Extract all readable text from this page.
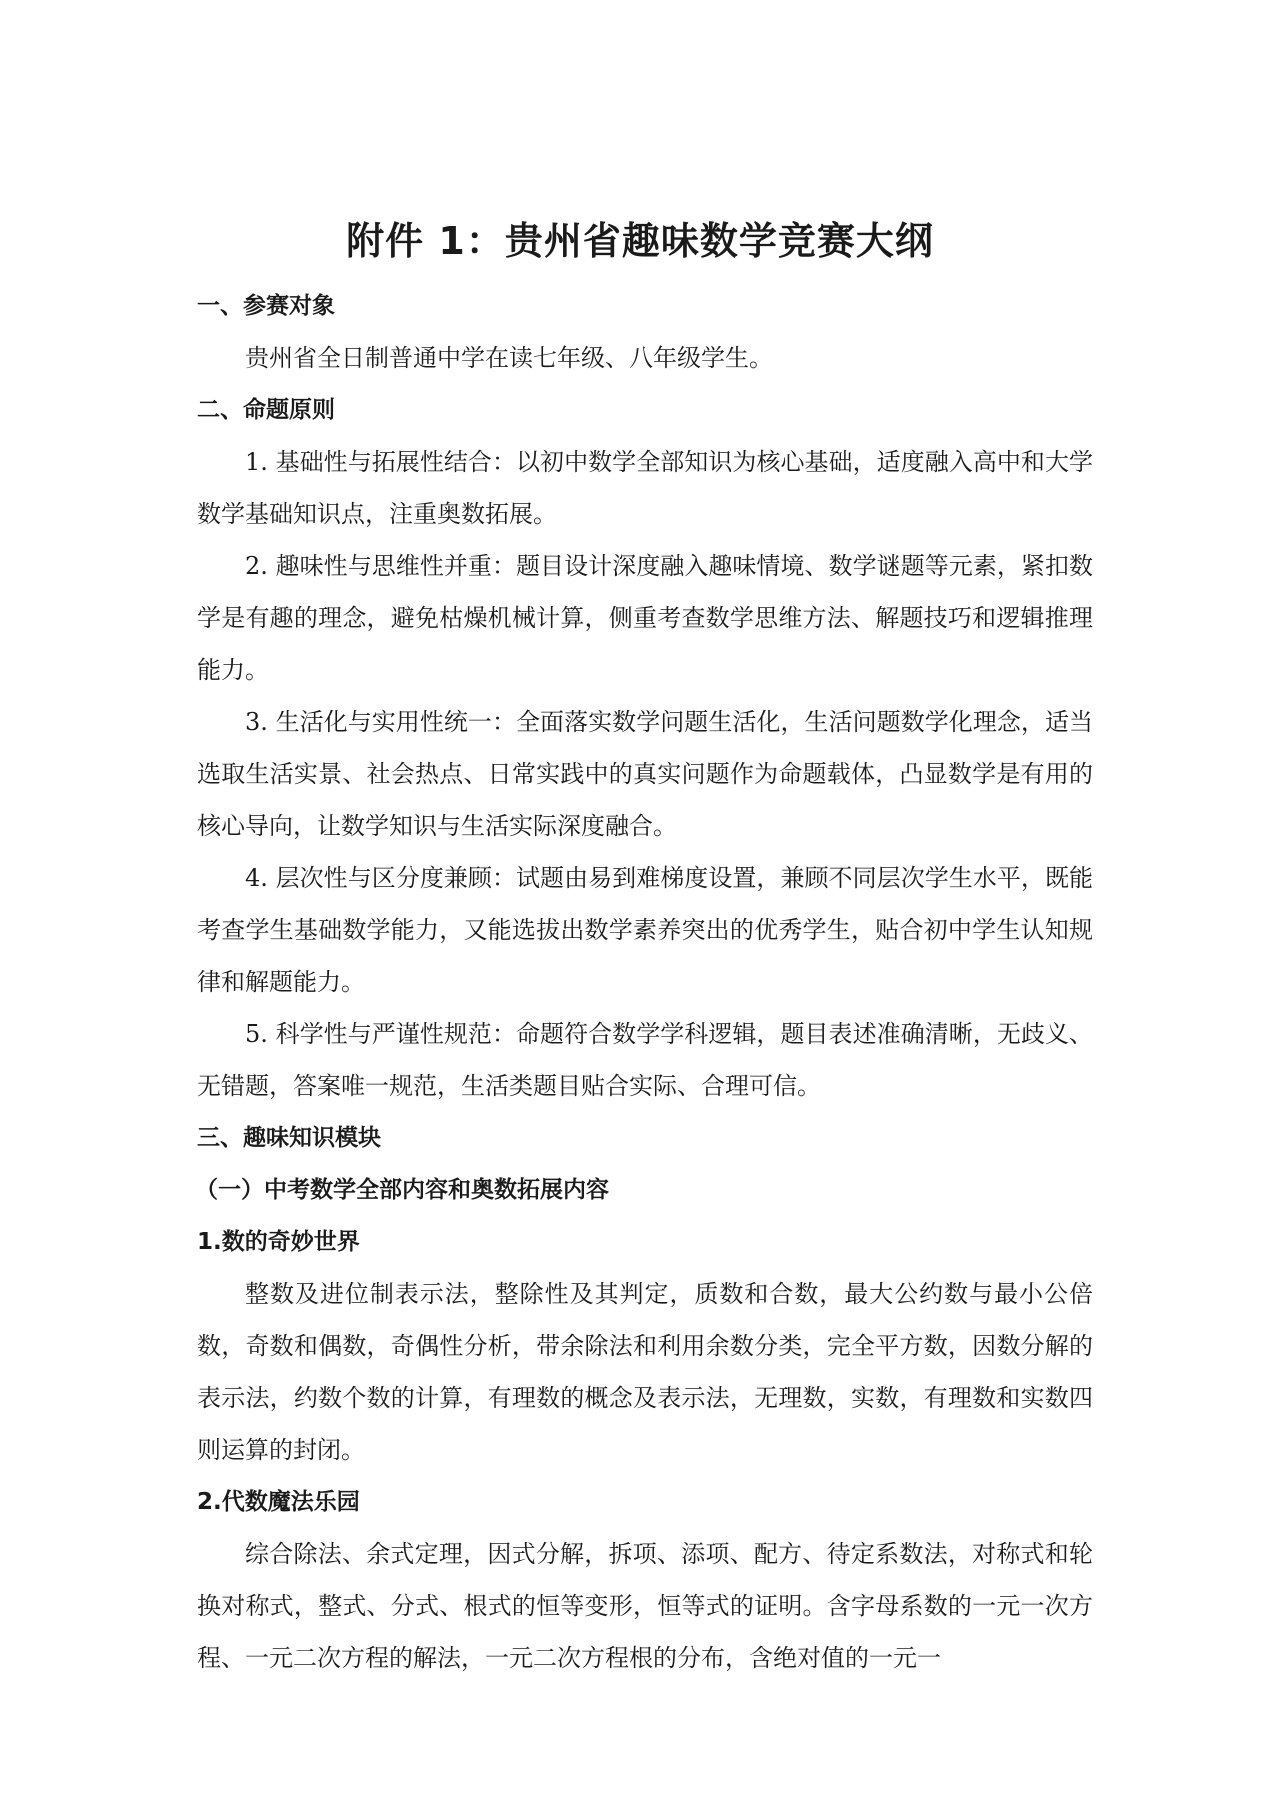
附件 1：贵州省趣味数学竞赛大纲
一、参赛对象

贵州省全日制普通中学在读七年级、八年级学生。

二、命题原则

1. 基础性与拓展性结合：以初中数学全部知识为核心基础，适度融入高中和大学数学基础知识点，注重奥数拓展。

2. 趣味性与思维性并重：题目设计深度融入趣味情境、数学谜题等元素，紧扣数学是有趣的理念，避免枯燥机械计算，侧重考查数学思维方法、解题技巧和逻辑推理能力。

3. 生活化与实用性统一：全面落实数学问题生活化，生活问题数学化理念，适当选取生活实景、社会热点、日常实践中的真实问题作为命题载体，凸显数学是有用的核心导向，让数学知识与生活实际深度融合。

4. 层次性与区分度兼顾：试题由易到难梯度设置，兼顾不同层次学生水平，既能考查学生基础数学能力，又能选拔出数学素养突出的优秀学生，贴合初中学生认知规律和解题能力。

5. 科学性与严谨性规范：命题符合数学学科逻辑，题目表述准确清晰，无歧义、无错题，答案唯一规范，生活类题目贴合实际、合理可信。

三、趣味知识模块
（一）中考数学全部内容和奥数拓展内容
1.数的奇妙世界

整数及进位制表示法，整除性及其判定，质数和合数，最大公约数与最小公倍数，奇数和偶数，奇偶性分析，带余除法和利用余数分类，完全平方数，因数分解的表示法，约数个数的计算，有理数的概念及表示法，无理数，实数，有理数和实数四则运算的封闭。

2.代数魔法乐园

综合除法、余式定理，因式分解，拆项、添项、配方、待定系数法，对称式和轮换对称式，整式、分式、根式的恒等变形，恒等式的证明。含字母系数的一元一次方程、一元二次方程的解法，一元二次方程根的分布，含绝对值的一元一
